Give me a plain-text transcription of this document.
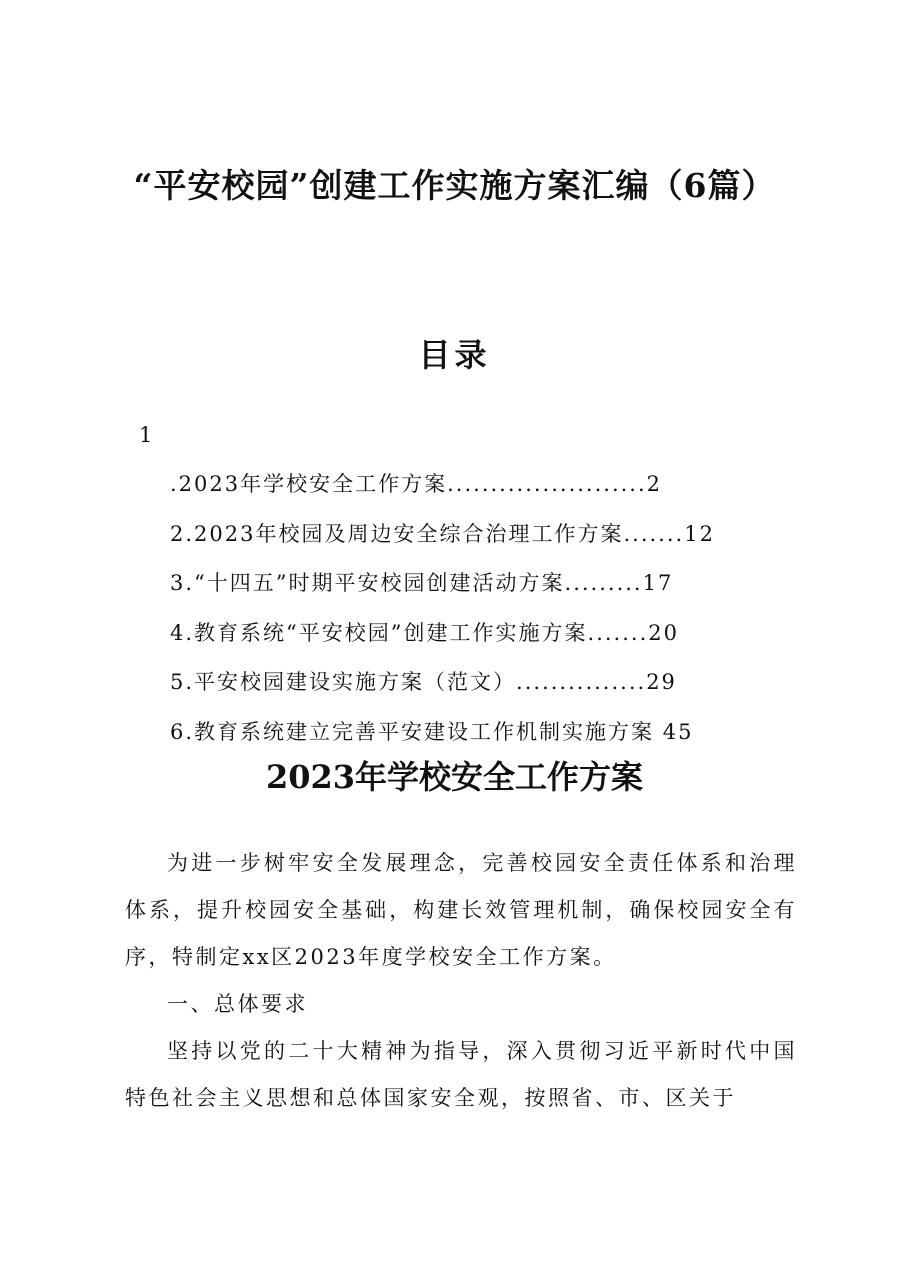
“平安校园”创建工作实施方案汇编（6篇）
目录
1
.2023年学校安全工作方案.......................2
2.2023年校园及周边安全综合治理工作方案.......12
3.“十四五”时期平安校园创建活动方案.........17
4.教育系统“平安校园”创建工作实施方案.......20
5.平安校园建设实施方案（范文）...............29
6.教育系统建立完善平安建设工作机制实施方案 45
2023年学校安全工作方案

为进一步树牢安全发展理念，完善校园安全责任体系和治理体系，提升校园安全基础，构建长效管理机制，确保校园安全有序，特制定xx区2023年度学校安全工作方案。

一、总体要求

坚持以党的二十大精神为指导，深入贯彻习近平新时代中国特色社会主义思想和总体国家安全观，按照省、市、区关于
